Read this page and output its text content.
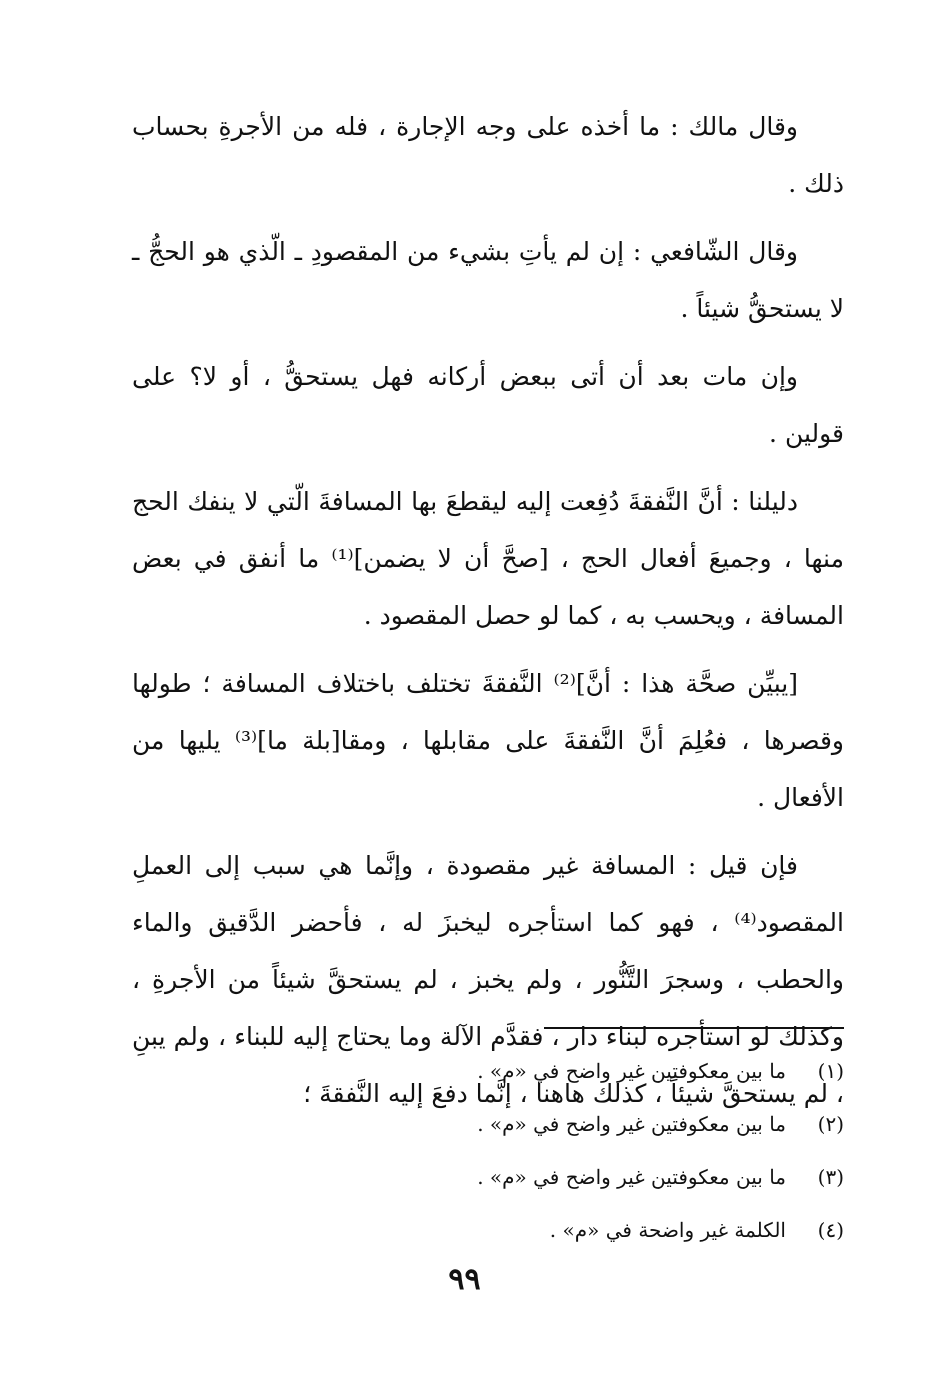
وقال مالك : ما أخذه على وجه الإجارة ، فله من الأجرةِ بحساب ذلك .

وقال الشّافعي : إن لم يأتِ بشيء من المقصودِ ـ الّذي هو الحجُّ ـ لا يستحقُّ شيئاً .

وإن مات بعد أن أتى ببعض أركانه فهل يستحقُّ ، أو لا؟ على قولين .

دليلنا : أنَّ النَّفقةَ دُفِعت إليه ليقطعَ بها المسافةَ الّتي لا ينفك الحج منها ، وجميعَ أفعال الحج ، [صحَّ أن لا يضمن]⁽¹⁾ ما أنفق في بعض المسافة ، ويحسب به ، كما لو حصل المقصود .

[يبيِّن صحَّة هذا : أنَّ]⁽²⁾ النَّفقةَ تختلف باختلاف المسافة ؛ طولها وقصرها ، فعُلِمَ أنَّ النَّفقةَ على مقابلها ، ومقا[بلة ما]⁽³⁾ يليها من الأفعال .

فإن قيل : المسافة غير مقصودة ، وإنَّما هي سبب إلى العملِ المقصود⁽⁴⁾ ، فهو كما استأجره ليخبزَ له ، فأحضر الدَّقيق والماء والحطب ، وسجرَ التَّنُّور ، ولم يخبز ، لم يستحقَّ شيئاً من الأجرةِ ، وكذلك لو استأجره لبناء دار ، فقدَّم الآلة وما يحتاج إليه للبناء ، ولم يبنِ ، لم يستحقَّ شيئاً ، كذلك هاهنا ، إنَّما دفعَ إليه النَّفقةَ ؛

(١)
ما بين معكوفتين غير واضح في «م» .
(٢)
ما بين معكوفتين غير واضح في «م» .
(٣)
ما بين معكوفتين غير واضح في «م» .
(٤)
الكلمة غير واضحة في «م» .
٩٩
